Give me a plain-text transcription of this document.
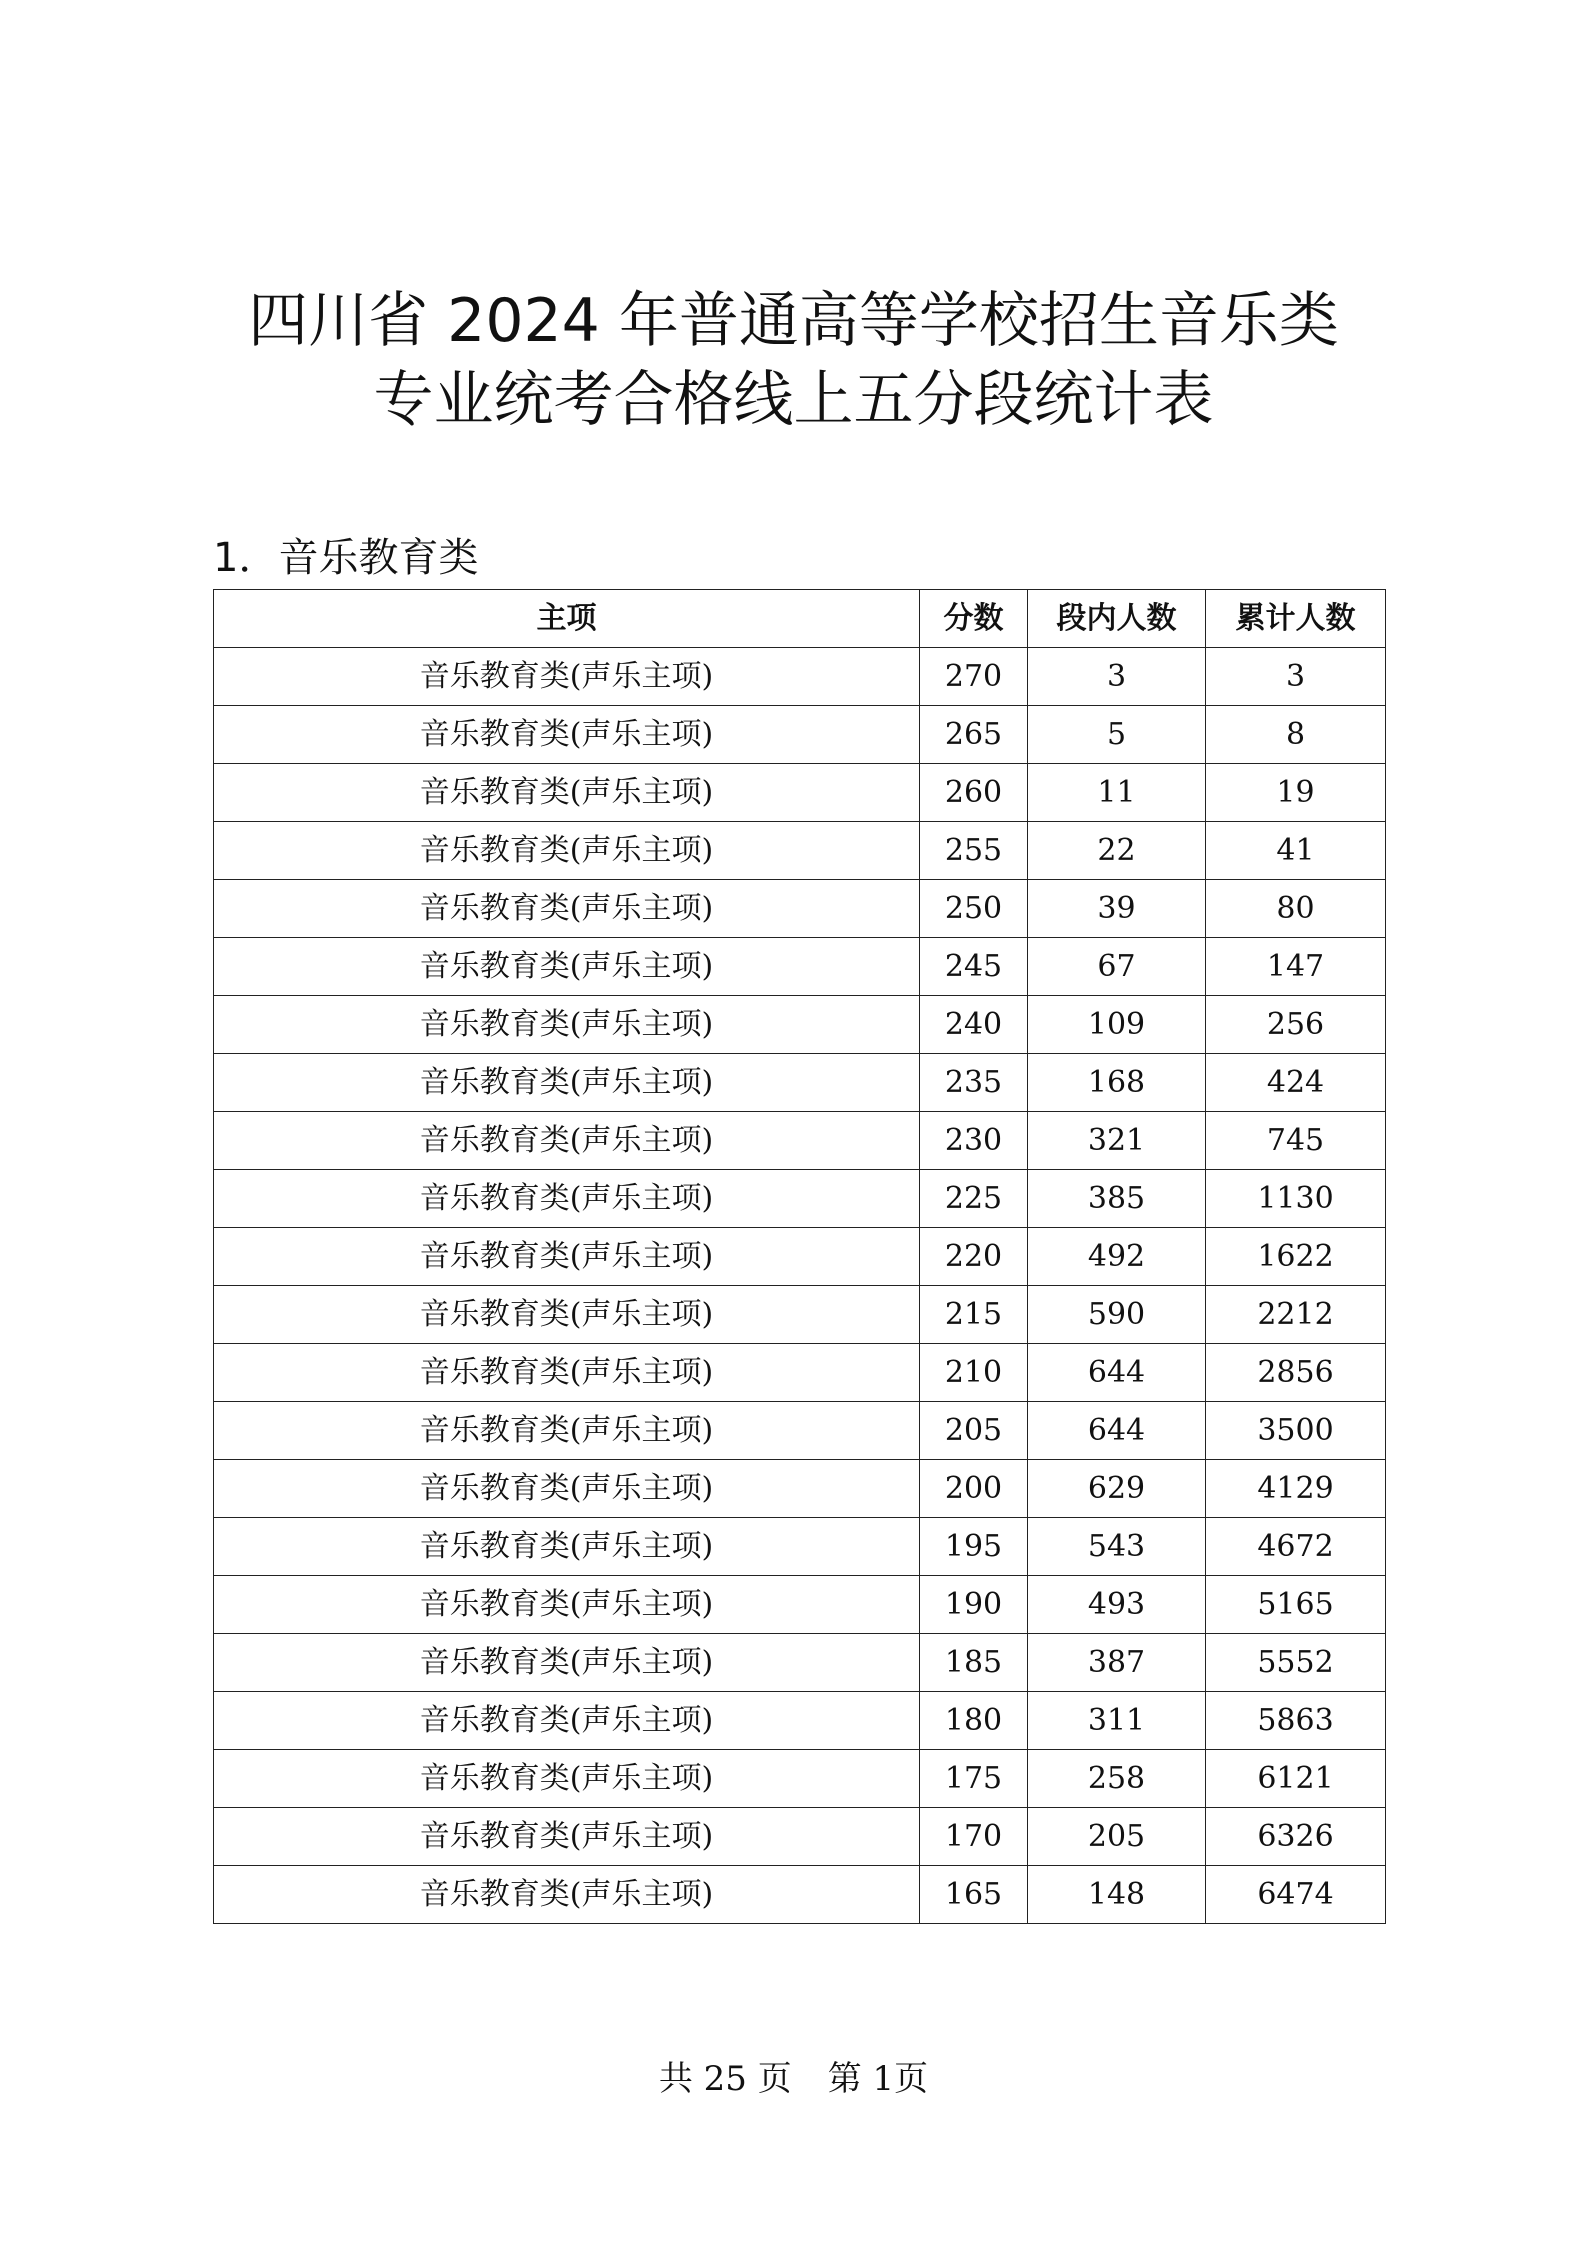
四川省 2024 年普通高等学校招生音乐类
专业统考合格线上五分段统计表
1．音乐教育类
主项	分数	段内人数	累计人数
音乐教育类(声乐主项)	270	3	3
音乐教育类(声乐主项)	265	5	8
音乐教育类(声乐主项)	260	11	19
音乐教育类(声乐主项)	255	22	41
音乐教育类(声乐主项)	250	39	80
音乐教育类(声乐主项)	245	67	147
音乐教育类(声乐主项)	240	109	256
音乐教育类(声乐主项)	235	168	424
音乐教育类(声乐主项)	230	321	745
音乐教育类(声乐主项)	225	385	1130
音乐教育类(声乐主项)	220	492	1622
音乐教育类(声乐主项)	215	590	2212
音乐教育类(声乐主项)	210	644	2856
音乐教育类(声乐主项)	205	644	3500
音乐教育类(声乐主项)	200	629	4129
音乐教育类(声乐主项)	195	543	4672
音乐教育类(声乐主项)	190	493	5165
音乐教育类(声乐主项)	185	387	5552
音乐教育类(声乐主项)	180	311	5863
音乐教育类(声乐主项)	175	258	6121
音乐教育类(声乐主项)	170	205	6326
音乐教育类(声乐主项)	165	148	6474
共 25 页 第 1页
